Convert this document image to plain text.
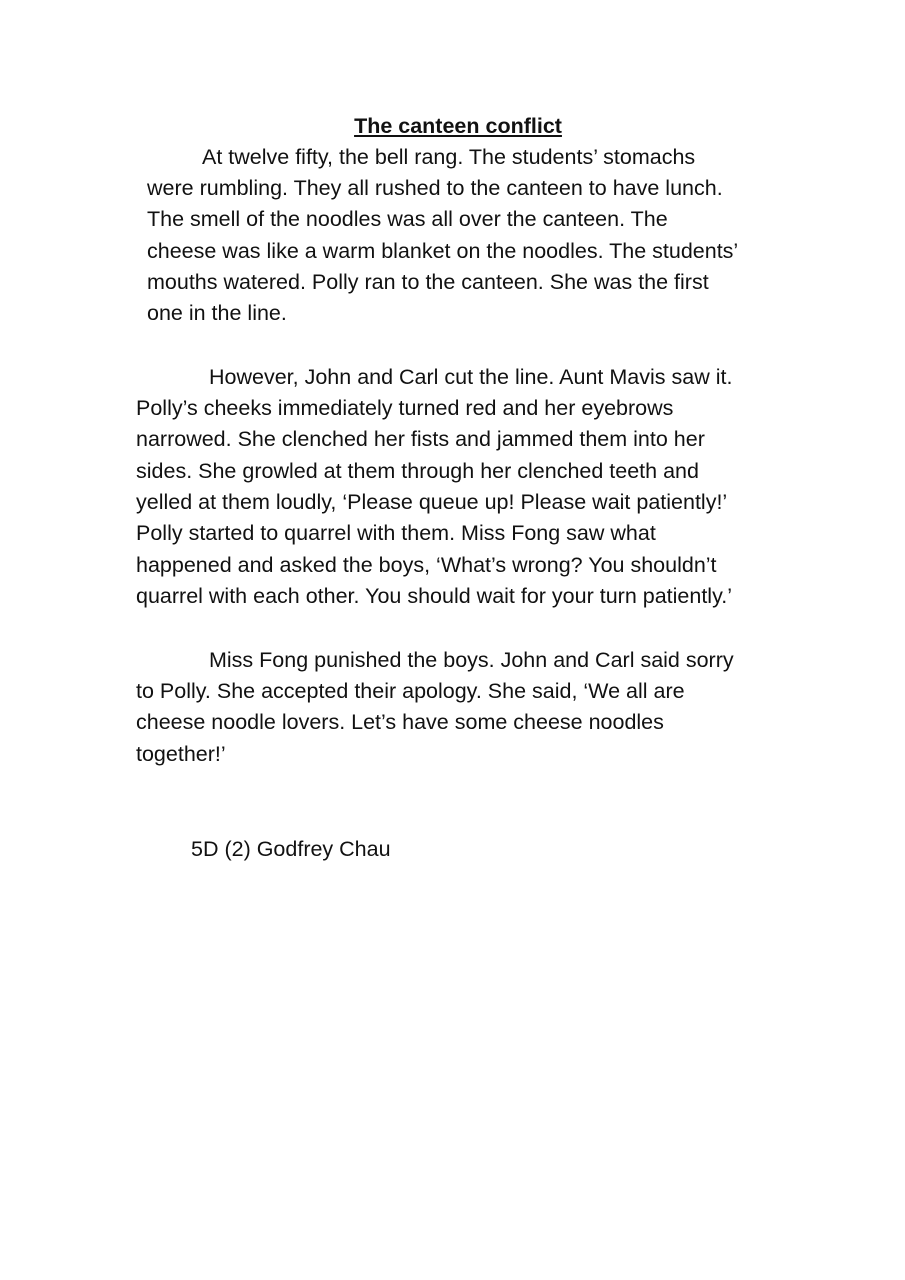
The canteen conflict

At twelve fifty, the bell rang. The students’ stomachs

were rumbling. They all rushed to the canteen to have lunch.

The smell of the noodles was all over the canteen. The

cheese was like a warm blanket on the noodles. The students’

mouths watered. Polly ran to the canteen. She was the first

one in the line.

However, John and Carl cut the line. Aunt Mavis saw it.

Polly’s cheeks immediately turned red and her eyebrows

narrowed. She clenched her fists and jammed them into her

sides. She growled at them through her clenched teeth and

yelled at them loudly, ‘Please queue up! Please wait patiently!’

Polly started to quarrel with them. Miss Fong saw what

happened and asked the boys, ‘What’s wrong? You shouldn’t

quarrel with each other. You should wait for your turn patiently.’

Miss Fong punished the boys. John and Carl said sorry

to Polly. She accepted their apology. She said, ‘We all are

cheese noodle lovers. Let’s have some cheese noodles

together!’

5D (2) Godfrey Chau
